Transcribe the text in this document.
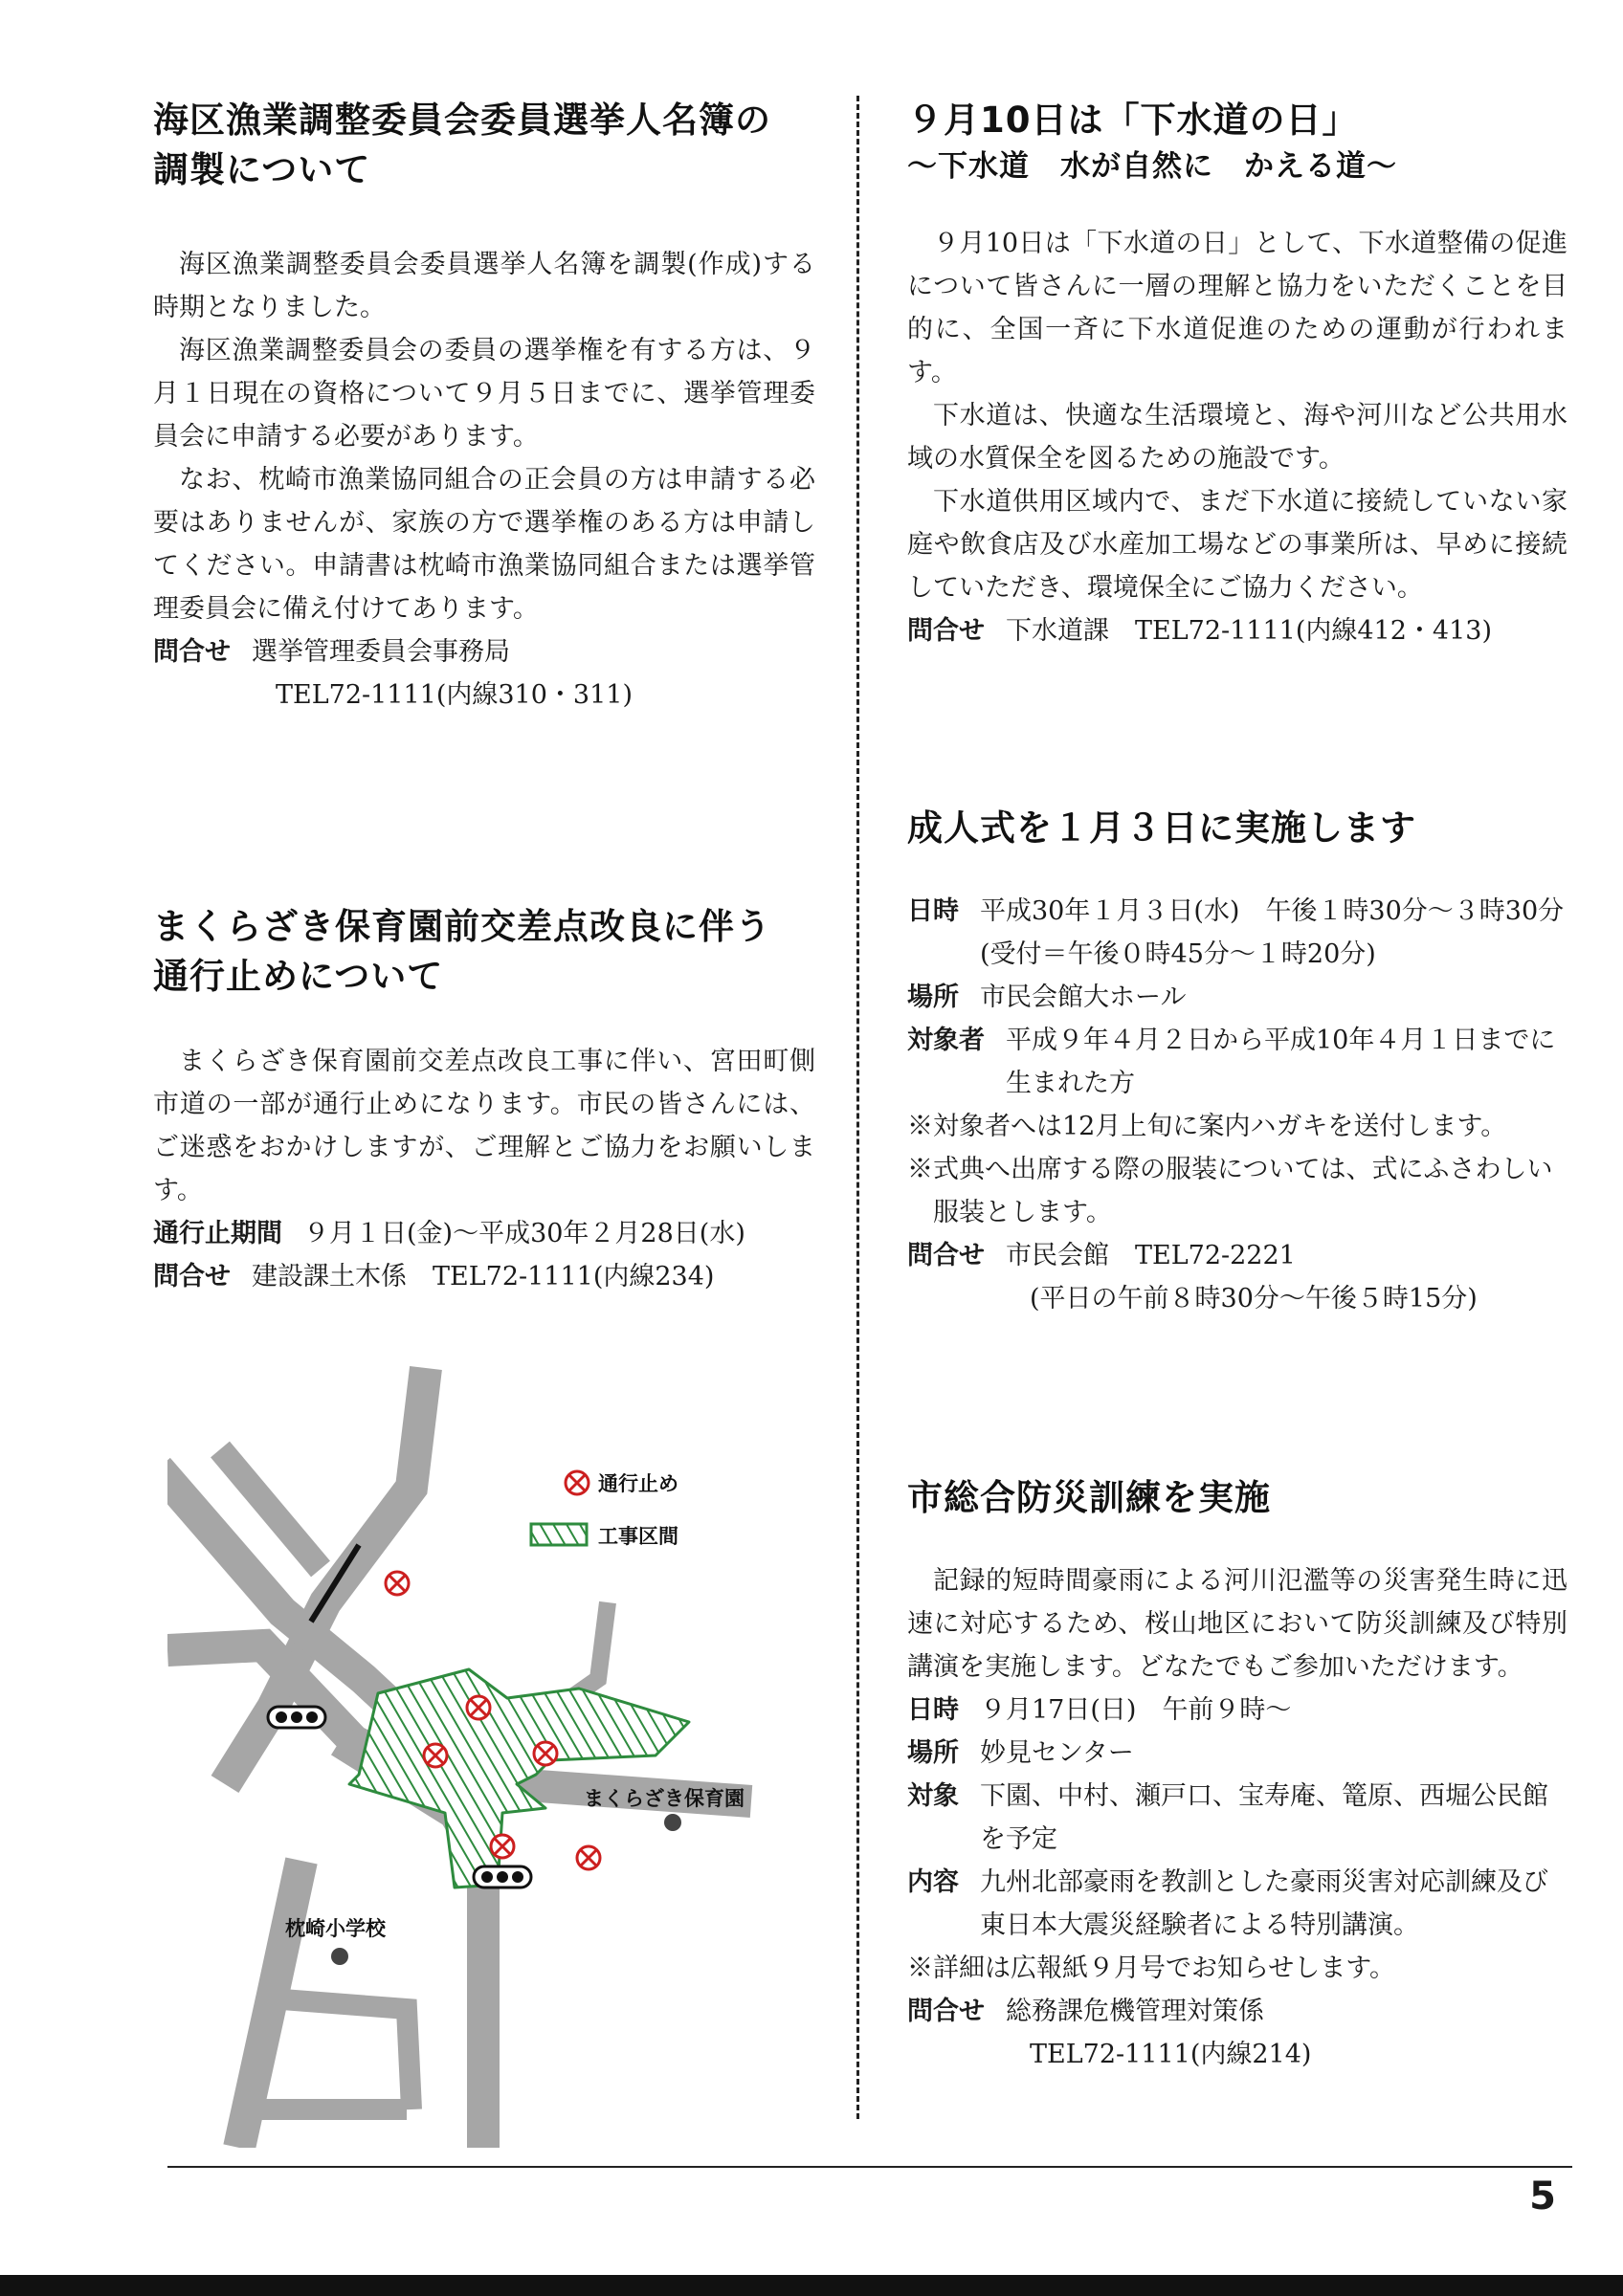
海区漁業調整委員会委員選挙人名簿の
調製について

海区漁業調整委員会委員選挙人名簿を調製(作成)する時期となりました。

海区漁業調整委員会の委員の選挙権を有する方は、９月１日現在の資格について９月５日までに、選挙管理委員会に申請する必要があります。

なお、枕崎市漁業協同組合の正会員の方は申請する必要はありませんが、家族の方で選挙権のある方は申請してください。申請書は枕崎市漁業協同組合または選挙管理委員会に備え付けてあります。

問合せ 選挙管理委員会事務局
TEL72-1111(内線310・311)
まくらざき保育園前交差点改良に伴う
通行止めについて

まくらざき保育園前交差点改良工事に伴い、宮田町側市道の一部が通行止めになります。市民の皆さんには、ご迷惑をおかけしますが、ご理解とご協力をお願いします。

通行止期間 ９月１日(金)～平成30年２月28日(水)
問合せ 建設課土木係　TEL72-1111(内線234)
まくらざき保育園
枕崎小学校
通行止め
工事区間
９月10日は「下水道の日」
～下水道　水が自然に　かえる道～

９月10日は「下水道の日」として、下水道整備の促進について皆さんに一層の理解と協力をいただくことを目的に、全国一斉に下水道促進のための運動が行われます。

下水道は、快適な生活環境と、海や河川など公共用水域の水質保全を図るための施設です。

下水道供用区域内で、まだ下水道に接続していない家庭や飲食店及び水産加工場などの事業所は、早めに接続していただき、環境保全にご協力ください。

問合せ 下水道課　TEL72-1111(内線412・413)
成人式を１月３日に実施します
日時 平成30年１月３日(水)　午後１時30分～３時30分(受付＝午後０時45分～１時20分)
場所 市民会館大ホール
対象者 平成９年４月２日から平成10年４月１日までに生まれた方
※対象者へは12月上旬に案内ハガキを送付します。
※式典へ出席する際の服装については、式にふさわしい服装とします。
問合せ 市民会館　TEL72-2221
(平日の午前８時30分～午後５時15分)
市総合防災訓練を実施

記録的短時間豪雨による河川氾濫等の災害発生時に迅速に対応するため、桜山地区において防災訓練及び特別講演を実施します。どなたでもご参加いただけます。

日時 ９月17日(日)　午前９時～
場所 妙見センター
対象 下園、中村、瀬戸口、宝寿庵、篭原、西堀公民館を予定
内容 九州北部豪雨を教訓とした豪雨災害対応訓練及び東日本大震災経験者による特別講演。
※詳細は広報紙９月号でお知らせします。
問合せ 総務課危機管理対策係
TEL72-1111(内線214)
5
